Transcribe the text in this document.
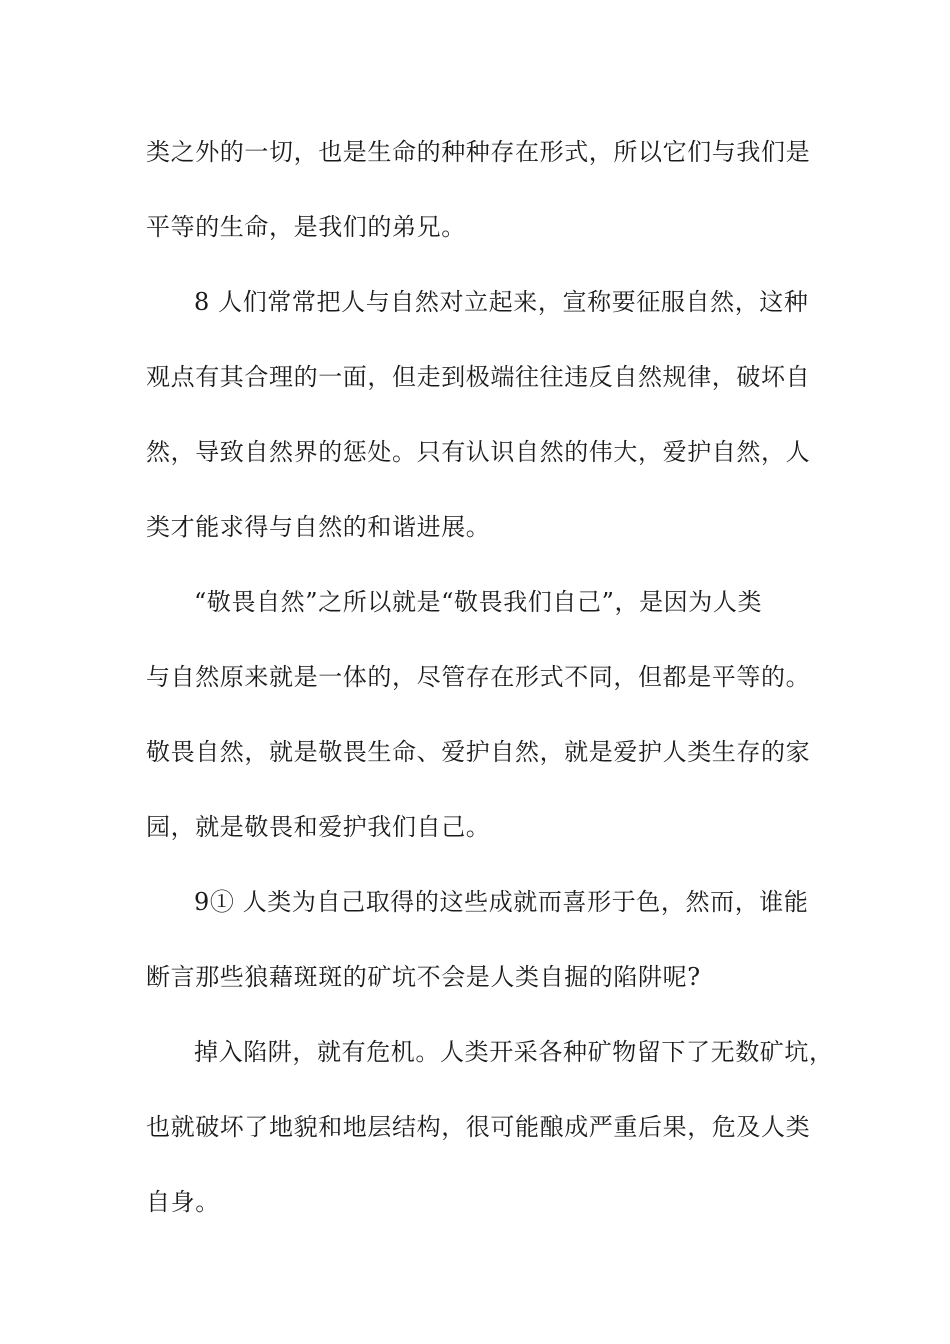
类之外的一切，也是生命的种种存在形式，所以它们与我们是
平等的生命，是我们的弟兄。
8 人们常常把人与自然对立起来，宣称要征服自然，这种
观点有其合理的一面，但走到极端往往违反自然规律，破坏自
然，导致自然界的惩处。只有认识自然的伟大，爱护自然，人
类才能求得与自然的和谐进展。
“敬畏自然”之所以就是“敬畏我们自己”，是因为人类
与自然原来就是一体的，尽管存在形式不同，但都是平等的。
敬畏自然，就是敬畏生命、爱护自然，就是爱护人类生存的家
园，就是敬畏和爱护我们自己。
9① 人类为自己取得的这些成就而喜形于色，然而，谁能
断言那些狼藉斑斑的矿坑不会是人类自掘的陷阱呢?
掉入陷阱，就有危机。人类开采各种矿物留下了无数矿坑，
也就破坏了地貌和地层结构，很可能酿成严重后果，危及人类
自身。
